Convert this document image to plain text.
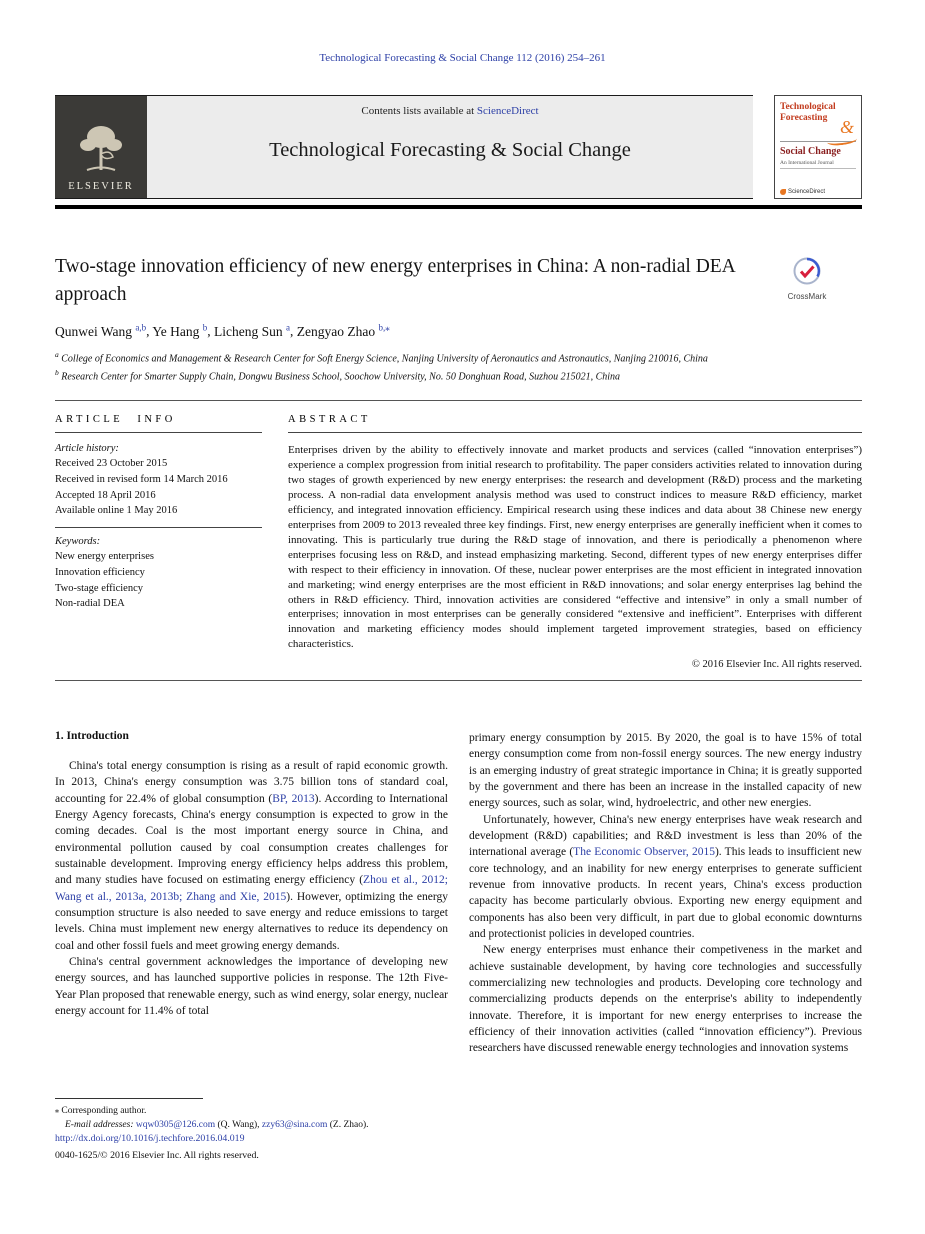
Technological Forecasting & Social Change 112 (2016) 254–261
ELSEVIER
Contents lists available at ScienceDirect
Technological Forecasting & Social Change
Technological
Forecasting &
Social Change
An International Journal
ScienceDirect
Two-stage innovation efficiency of new energy enterprises in China: A non-radial DEA approach	CrossMark
Qunwei Wang $^{a,b}$, Ye Hang $^b$, Licheng Sun $^a$, Zengyao Zhao $^{b,⁎}$
$^a$ College of Economics and Management & Research Center for Soft Energy Science, Nanjing University of Aeronautics and Astronautics, Nanjing 210016, China
$^b$ Research Center for Smarter Supply Chain, Dongwu Business School, Soochow University, No. 50 Donghuan Road, Suzhou 215021, China
ARTICLE INFO
Article history:
Received 23 October 2015
Received in revised form 14 March 2016
Accepted 18 April 2016
Available online 1 May 2016
Keywords:
New energy enterprises
Innovation efficiency
Two-stage efficiency
Non-radial DEA
ABSTRACT

Enterprises driven by the ability to effectively innovate and market products and services (called “innovation enterprises”) experience a complex progression from initial research to profitability. The paper considers activities related to innovation during two stages of growth experienced by new energy enterprises: the research and development (R&D) process and the marketing process. A non-radial data envelopment analysis method was used to construct indices to measure R&D efficiency, market efficiency, and integrated innovation efficiency. Empirical research using these indices and data about 38 Chinese new energy enterprises from 2009 to 2013 revealed three key findings. First, new energy enterprises are generally inefficient when it comes to innovating. This is particularly true during the R&D stage of innovation, and there is periodically a phenomenon where enterprises focusing less on R&D, and instead emphasizing marketing. Second, different types of new energy enterprises differ with respect to their efficiency in innovation. Of these, nuclear power enterprises are the most efficient in integrated innovation and marketing; wind energy enterprises are the most efficient in R&D innovations; and solar energy enterprises lag behind the others in R&D efficiency. Third, innovation activities are considered “effective and intensive” in only a small number of enterprises; innovation in most enterprises can be generally considered “extensive and inefficient”. Enterprises with different innovation and marketing efficiency modes should implement targeted improvement strategies, based on efficiency characteristics.

© 2016 Elsevier Inc. All rights reserved.
1. Introduction

China's total energy consumption is rising as a result of rapid economic growth. In 2013, China's energy consumption was 3.75 billion tons of standard coal, accounting for 22.4% of global consumption (BP, 2013). According to International Energy Agency forecasts, China's energy consumption is expected to grow in the coming decades. Coal is the most important energy source in China, and environmental pollution caused by coal consumption creates challenges for sustainable development. Improving energy efficiency helps address this problem, and many studies have focused on estimating energy efficiency (Zhou et al., 2012; Wang et al., 2013a, 2013b; Zhang and Xie, 2015). However, optimizing the energy consumption structure is also needed to save energy and reduce emissions to target levels. China must implement new energy alternatives to reduce its dependency on coal and other fossil fuels and meet growing energy demands.

China's central government acknowledges the importance of developing new energy sources, and has launched supportive policies in response. The 12th Five-Year Plan proposed that renewable energy, such as wind energy, solar energy, nuclear energy account for 11.4% of total

primary energy consumption by 2015. By 2020, the goal is to have 15% of total energy consumption come from non-fossil energy sources. The new energy industry is an emerging industry of great strategic importance in China; it is greatly supported by the government and there has been an increase in the installed capacity of new energy sources, such as solar, wind, hydroelectric, and other new energies.

Unfortunately, however, China's new energy enterprises have weak research and development (R&D) capabilities; and R&D investment is less than 20% of the international average (The Economic Observer, 2015). This leads to insufficient new core technology, and an inability for new energy enterprises to generate sufficient revenue from innovative products. In recent years, China's excess production capacity has become particularly obvious. Exporting new energy equipment and components has also been very difficult, in part due to global economic downturns and protectionist policies in developed countries.

New energy enterprises must enhance their competiveness in the market and achieve sustainable development, by having core technologies and successfully commercializing new technologies and products. Developing core technology and commercializing products depends on the enterprise's ability to independently innovate. Therefore, it is important for new energy enterprises to increase the efficiency of their innovation activities (called “innovation efficiency”). Previous researchers have discussed renewable energy technologies and innovation systems

⁎ Corresponding author.
E-mail addresses: wqw0305@126.com (Q. Wang), zzy63@sina.com (Z. Zhao).
http://dx.doi.org/10.1016/j.techfore.2016.04.019
0040-1625/© 2016 Elsevier Inc. All rights reserved.
